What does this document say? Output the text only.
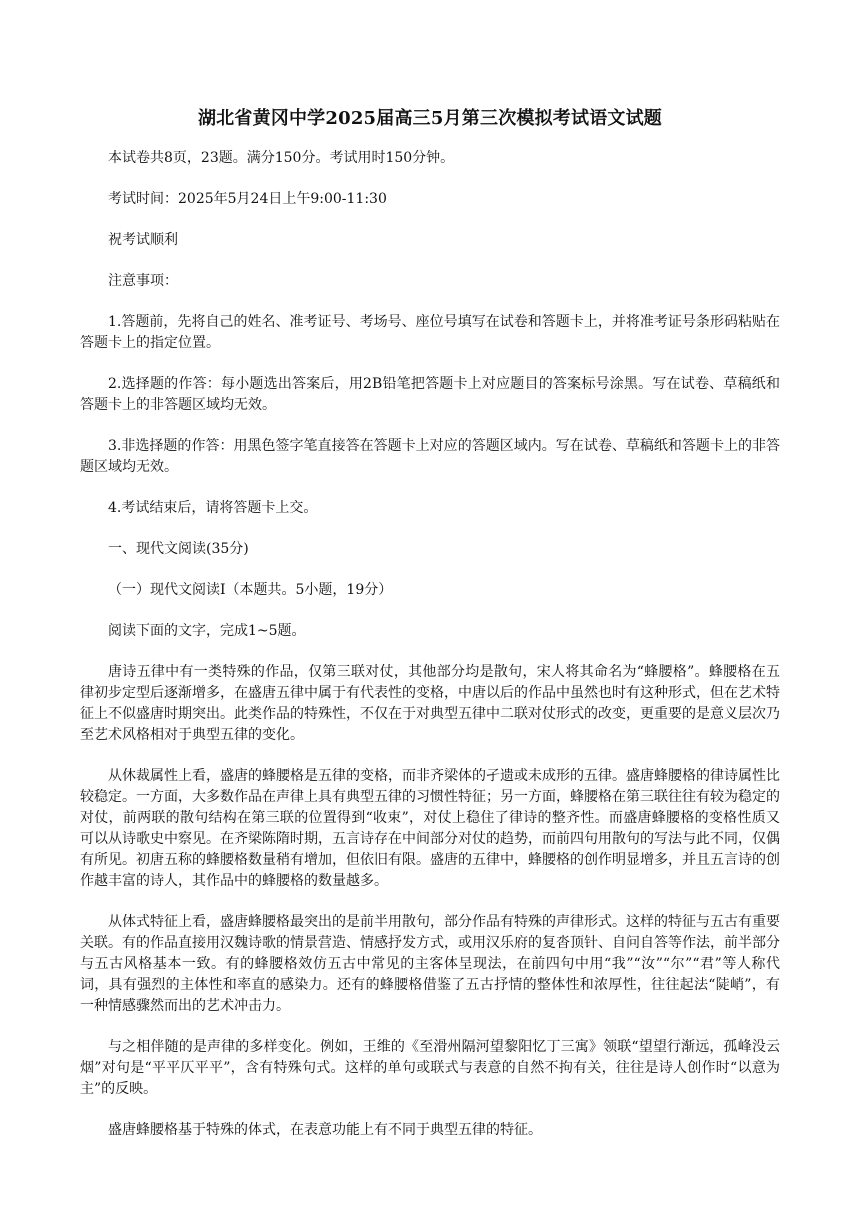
湖北省黄冈中学2025届高三5月第三次模拟考试语文试题

本试卷共8页，23题。满分150分。考试用时150分钟。

考试时间：2025年5月24日上午9:00-11:30

祝考试顺利

注意事项：

1.答题前，先将自己的姓名、准考证号、考场号、座位号填写在试卷和答题卡上，并将准考证号条形码粘贴在答题卡上的指定位置。

2.选择题的作答：每小题选出答案后，用2B铅笔把答题卡上对应题目的答案标号涂黑。写在试卷、草稿纸和答题卡上的非答题区域均无效。

3.非选择题的作答：用黑色签字笔直接答在答题卡上对应的答题区域内。写在试卷、草稿纸和答题卡上的非答题区域均无效。

4.考试结束后，请将答题卡上交。

一、现代文阅读(35分)

（一）现代文阅读Ⅰ（本题共。5小题，19分）

阅读下面的文字，完成1~5题。

唐诗五律中有一类特殊的作品，仅第三联对仗，其他部分均是散句，宋人将其命名为“蜂腰格”。蜂腰格在五律初步定型后逐渐增多，在盛唐五律中属于有代表性的变格，中唐以后的作品中虽然也时有这种形式，但在艺术特征上不似盛唐时期突出。此类作品的特殊性，不仅在于对典型五律中二联对仗形式的改变，更重要的是意义层次乃至艺术风格相对于典型五律的变化。

从休裁属性上看，盛唐的蜂腰格是五律的变格，而非齐梁体的孑遗或未成形的五律。盛唐蜂腰格的律诗属性比较稳定。一方面，大多数作品在声律上具有典型五律的习惯性特征；另一方面，蜂腰格在第三联往往有较为稳定的对仗，前两联的散句结构在第三联的位置得到“收束”，对仗上稳住了律诗的整齐性。而盛唐蜂腰格的变格性质又可以从诗歌史中察见。在齐梁陈隋时期，五言诗存在中间部分对仗的趋势，而前四句用散句的写法与此不同，仅偶有所见。初唐五称的蜂腰格数量稍有增加，但依旧有限。盛唐的五律中，蜂腰格的创作明显增多，并且五言诗的创作越丰富的诗人，其作品中的蜂腰格的数量越多。

从体式特征上看，盛唐蜂腰格最突出的是前半用散句，部分作品有特殊的声律形式。这样的特征与五古有重要关联。有的作品直接用汉魏诗歌的情景营造、情感抒发方式，或用汉乐府的复沓顶针、自问自答等作法，前半部分与五古风格基本一致。有的蜂腰格效仿五古中常见的主客体呈现法，在前四句中用“我”“汝”“尔”“君”等人称代词，具有强烈的主体性和率直的感染力。还有的蜂腰格借鉴了五古抒情的整体性和浓厚性，往往起法“陡峭”，有一种情感骤然而出的艺术冲击力。

与之相伴随的是声律的多样变化。例如，王维的《至滑州隔河望黎阳忆丁三寓》领联“望望行渐远，孤峰没云烟”对句是“平平仄平平”，含有特殊句式。这样的单句或联式与表意的自然不拘有关，往往是诗人创作时“以意为主”的反映。

盛唐蜂腰格基于特殊的体式，在表意功能上有不同于典型五律的特征。
